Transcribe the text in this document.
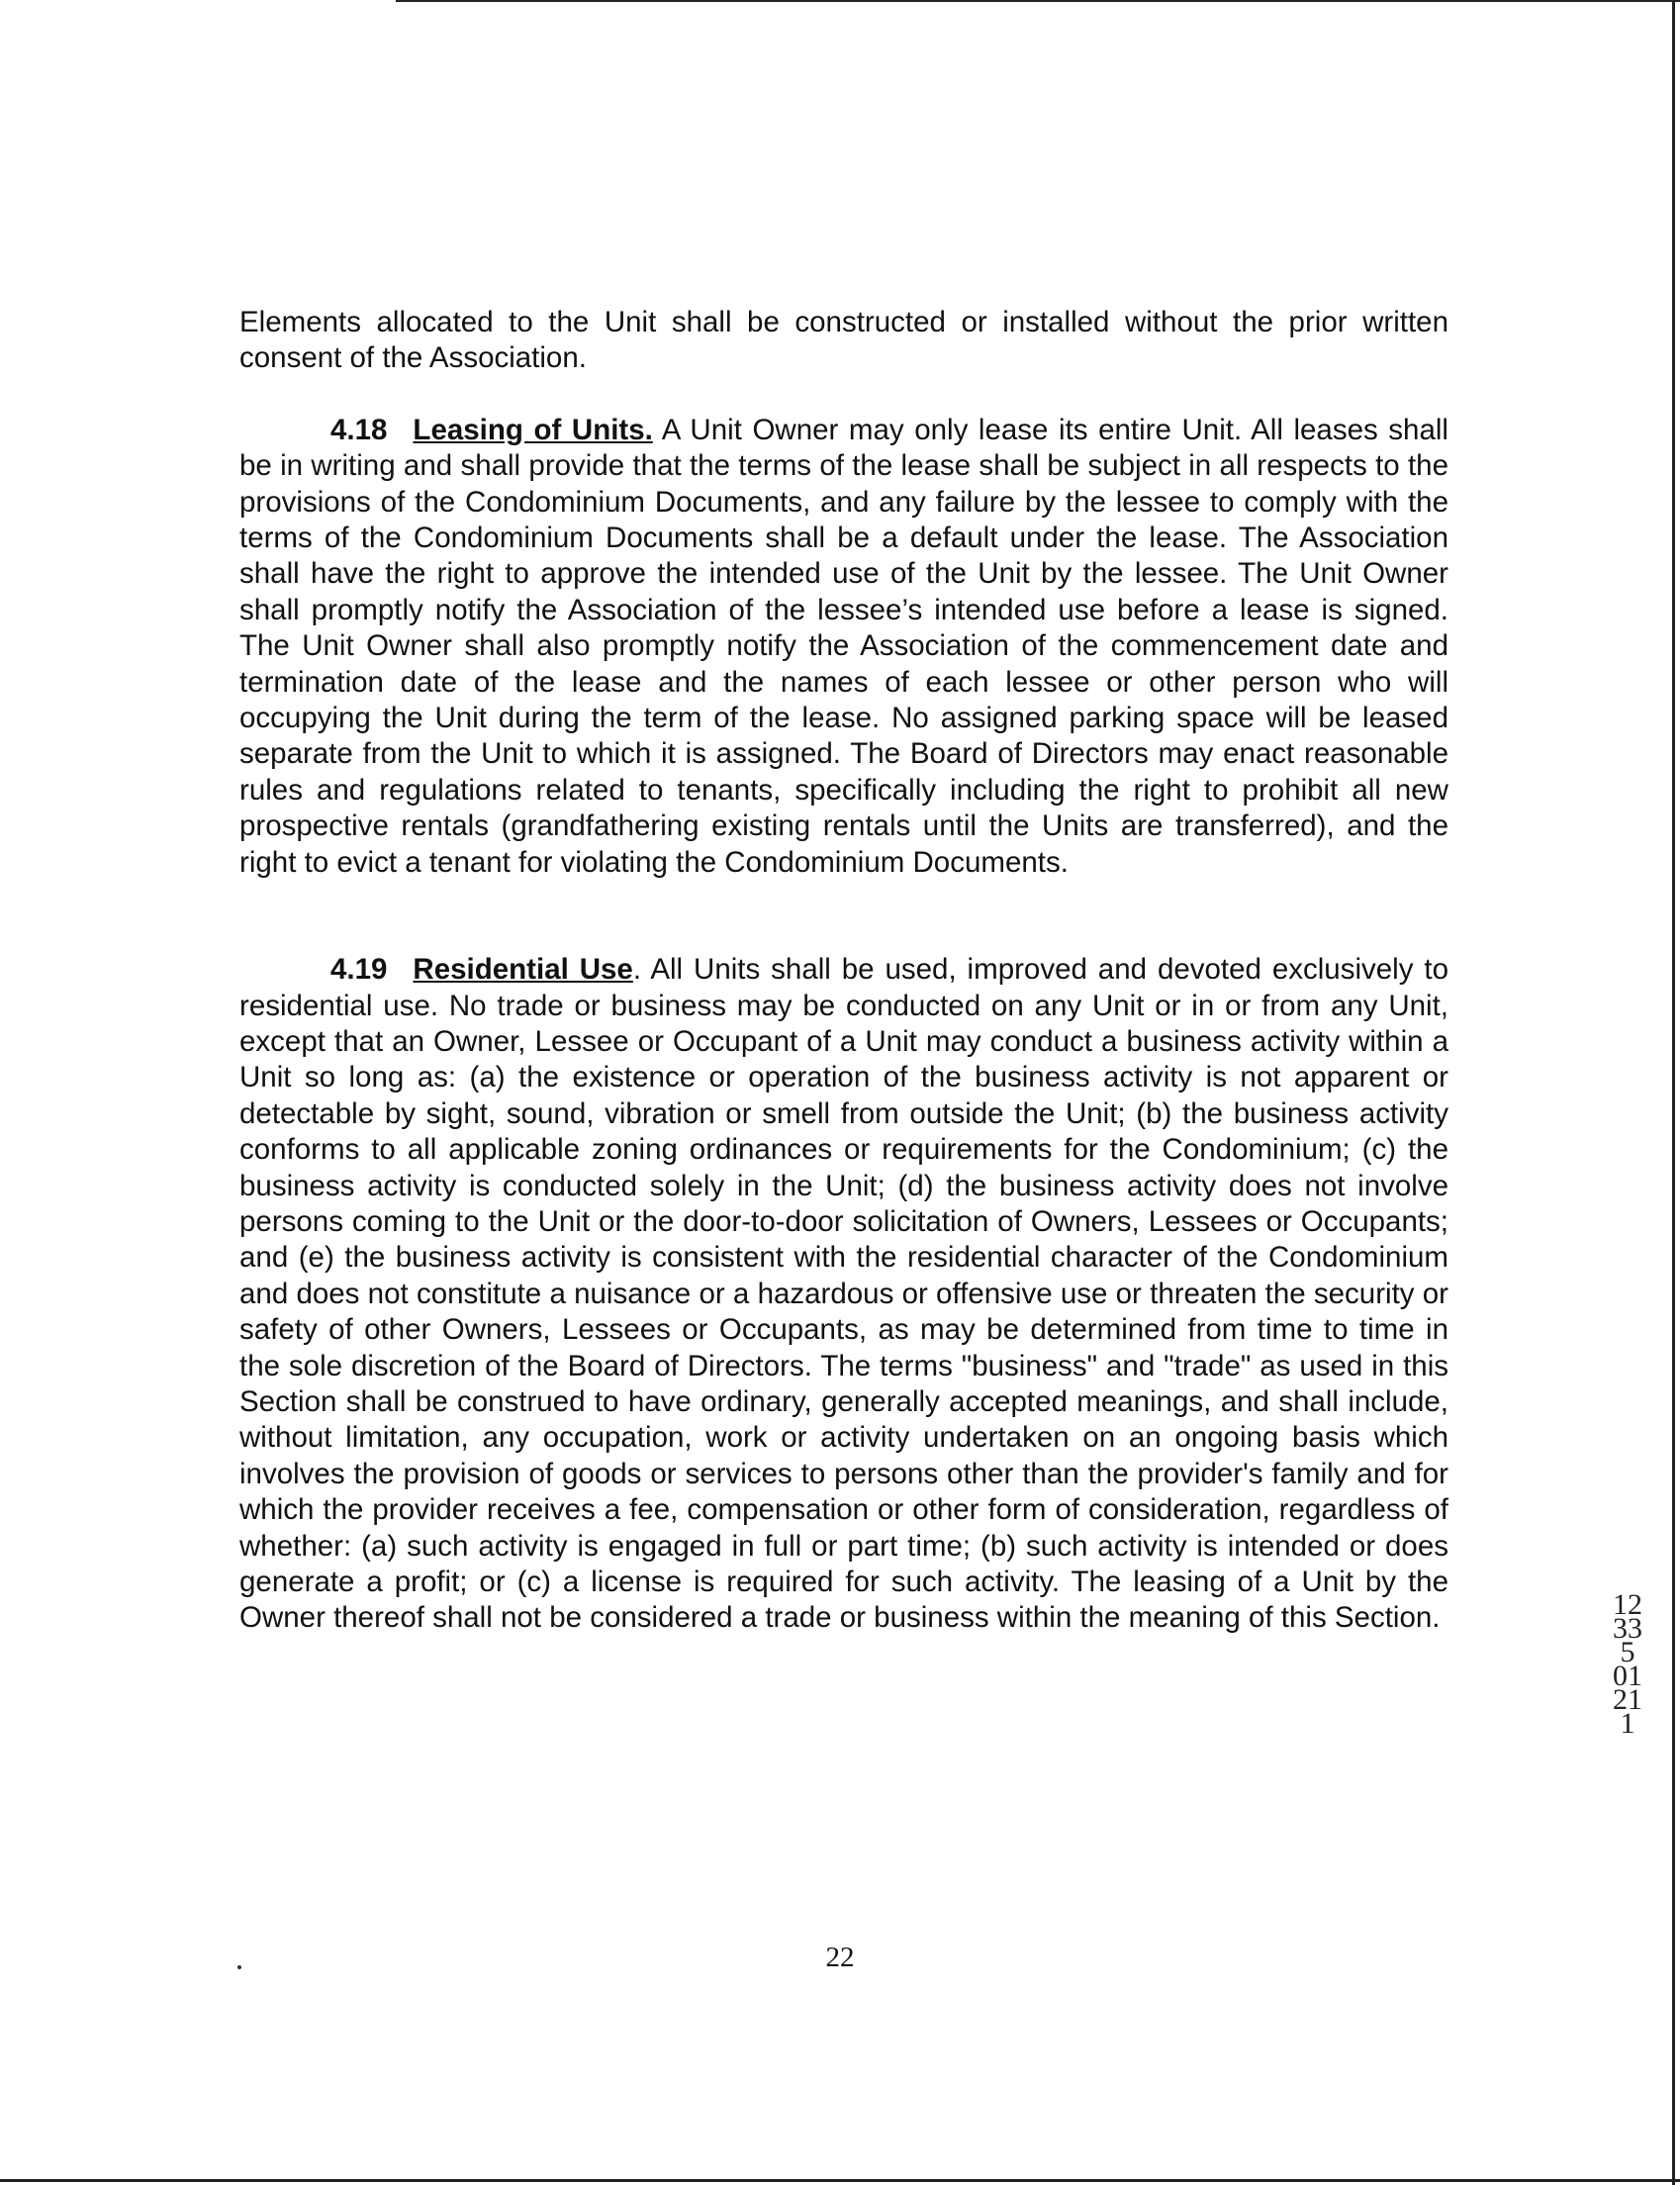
Elements allocated to the Unit shall be constructed or installed without the prior written consent of the Association.

4.18 Leasing of Units. A Unit Owner may only lease its entire Unit. All leases shall be in writing and shall provide that the terms of the lease shall be subject in all respects to the provisions of the Condominium Documents, and any failure by the lessee to comply with the terms of the Condominium Documents shall be a default under the lease. The Association shall have the right to approve the intended use of the Unit by the lessee. The Unit Owner shall promptly notify the Association of the lessee’s intended use before a lease is signed. The Unit Owner shall also promptly notify the Association of the commencement date and termination date of the lease and the names of each lessee or other person who will occupying the Unit during the term of the lease. No assigned parking space will be leased separate from the Unit to which it is assigned. The Board of Directors may enact reasonable rules and regulations related to tenants, specifically including the right to prohibit all new prospective rentals (grandfathering existing rentals until the Units are transferred), and the right to evict a tenant for violating the Condominium Documents.

4.19 Residential Use. All Units shall be used, improved and devoted exclusively to residential use. No trade or business may be conducted on any Unit or in or from any Unit, except that an Owner, Lessee or Occupant of a Unit may conduct a business activity within a Unit so long as: (a) the existence or operation of the business activity is not apparent or detectable by sight, sound, vibration or smell from outside the Unit; (b) the business activity conforms to all applicable zoning ordinances or requirements for the Condominium; (c) the business activity is conducted solely in the Unit; (d) the business activity does not involve persons coming to the Unit or the door-to-door solicitation of Owners, Lessees or Occupants; and (e) the business activity is consistent with the residential character of the Condominium and does not constitute a nuisance or a hazardous or offensive use or threaten the security or safety of other Owners, Lessees or Occupants, as may be determined from time to time in the sole discretion of the Board of Directors. The terms "business" and "trade" as used in this Section shall be construed to have ordinary, generally accepted meanings, and shall include, without limitation, any occupation, work or activity undertaken on an ongoing basis which involves the provision of goods or services to persons other than the provider's family and for which the provider receives a fee, compensation or other form of consideration, regardless of whether: (a) such activity is engaged in full or part time; (b) such activity is intended or does generate a profit; or (c) a license is required for such activity. The leasing of a Unit by the Owner thereof shall not be considered a trade or business within the meaning of this Section.

22

12335 01211
